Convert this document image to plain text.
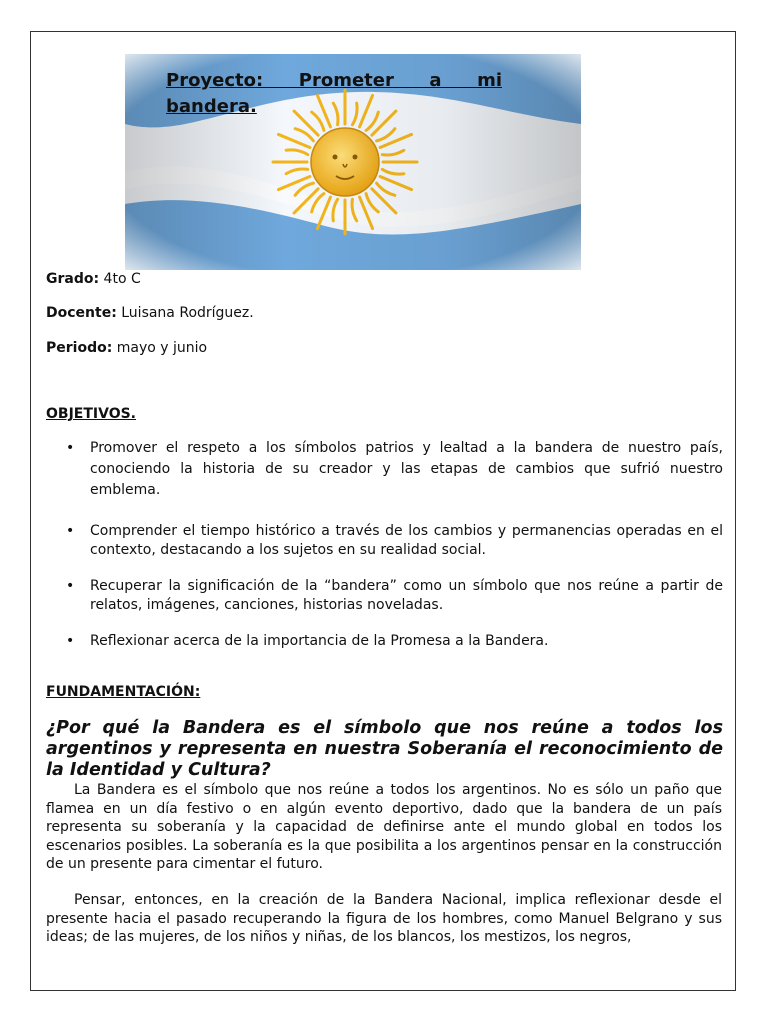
Proyecto: Prometer a mi bandera.

Grado: 4to C

Docente: Luisana Rodríguez.

Periodo: mayo y junio

OBJETIVOS.
• Promover el respeto a los símbolos patrios y lealtad a la bandera de nuestro país, conociendo la historia de su creador y las etapas de cambios que sufrió nuestro emblema.
• Comprender el tiempo histórico a través de los cambios y permanencias operadas en el contexto, destacando a los sujetos en su realidad social.
• Recuperar la significación de la “bandera” como un símbolo que nos reúne a partir de relatos, imágenes, canciones, historias noveladas.
• Reflexionar acerca de la importancia de la Promesa a la Bandera.
FUNDAMENTACIÓN:
¿Por qué la Bandera es el símbolo que nos reúne a todos los argentinos y representa en nuestra Soberanía el reconocimiento de la Identidad y Cultura?

La Bandera es el símbolo que nos reúne a todos los argentinos. No es sólo un paño que flamea en un día festivo o en algún evento deportivo, dado que la bandera de un país representa su soberanía y la capacidad de definirse ante el mundo global en todos los escenarios posibles. La soberanía es la que posibilita a los argentinos pensar en la construcción de un presente para cimentar el futuro.

Pensar, entonces, en la creación de la Bandera Nacional, implica reflexionar desde el presente hacia el pasado recuperando la figura de los hombres, como Manuel Belgrano y sus ideas; de las mujeres, de los niños y niñas, de los blancos, los mestizos, los negros,
